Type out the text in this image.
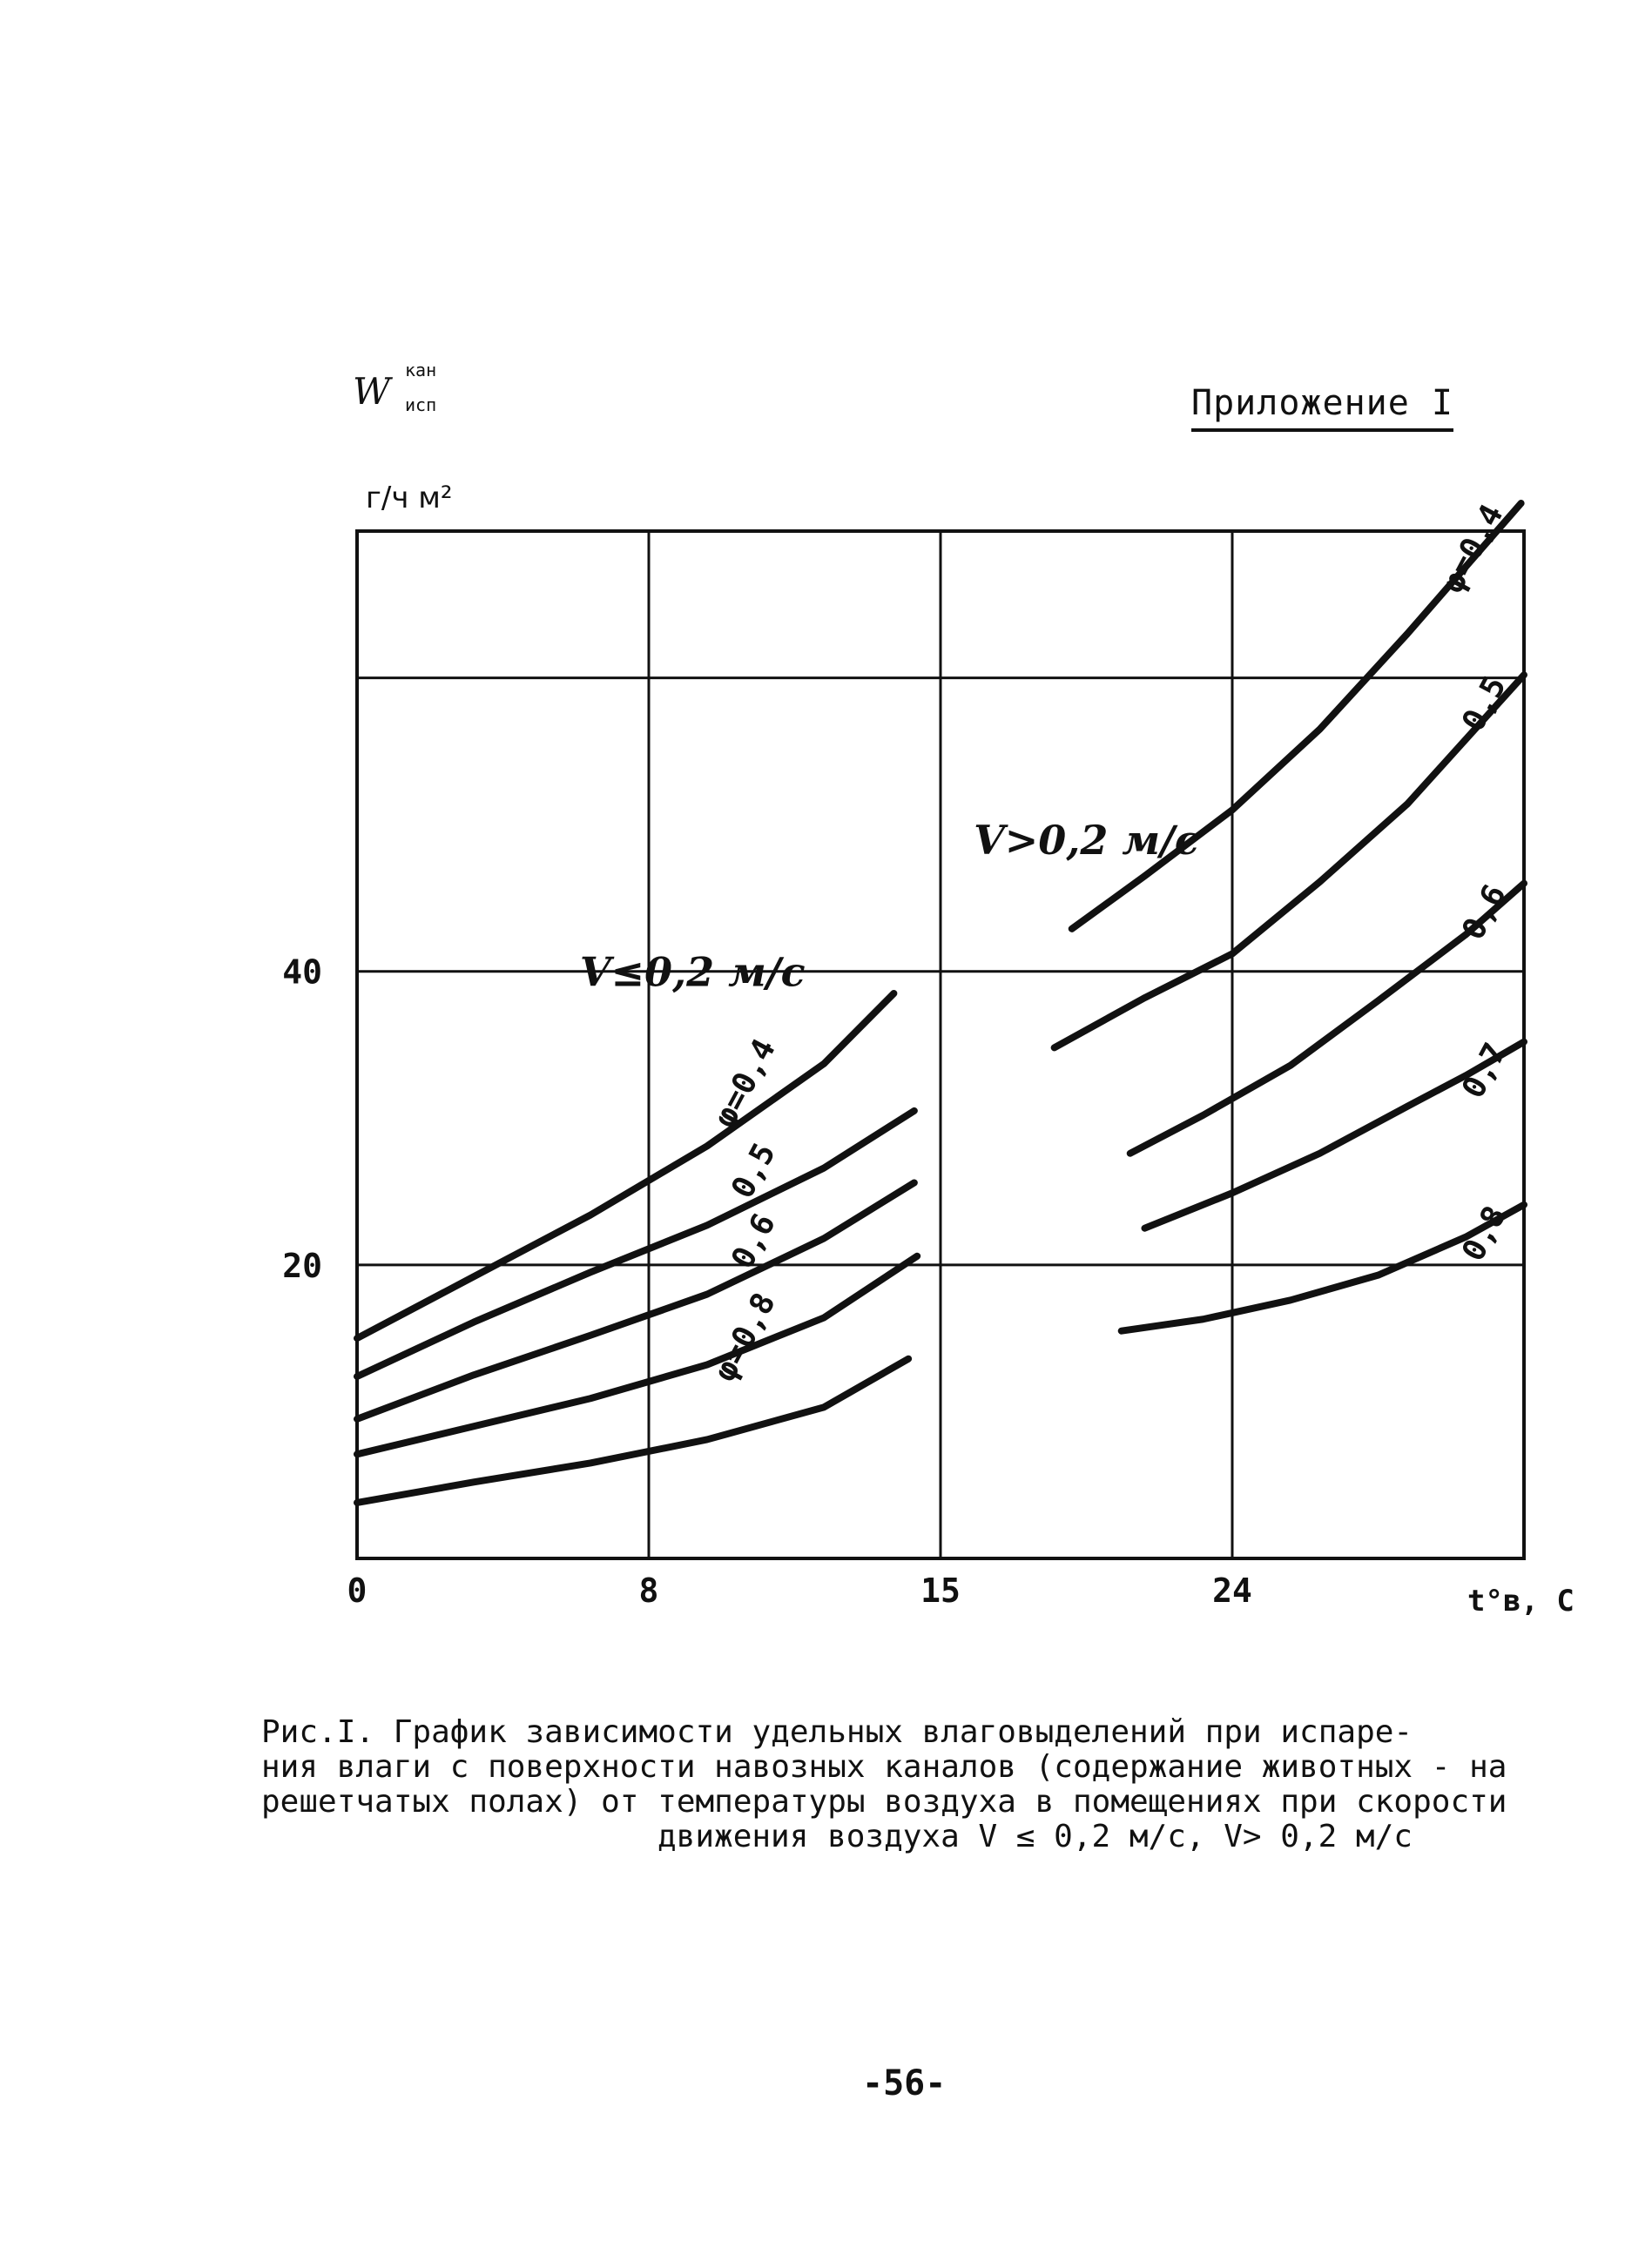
W кан
исп
г/ч м²
Приложение I
0	8	15	24
20
40
φ=0,4
0,5
0,6
φ=0,8
φ=0,4
0,5
0,6
0,7
0,8
V≤0,2 м/с
V>0,2 м/с
t°в, C
Рис.I. График зависимости удельных влаговыделений при испаре-
ния влаги с поверхности навозных каналов (содержание животных - на
решетчатых полах) от температуры воздуха в помещениях при скорости
движения воздуха V ≤ 0,2 м/с, V> 0,2 м/с
-56-
